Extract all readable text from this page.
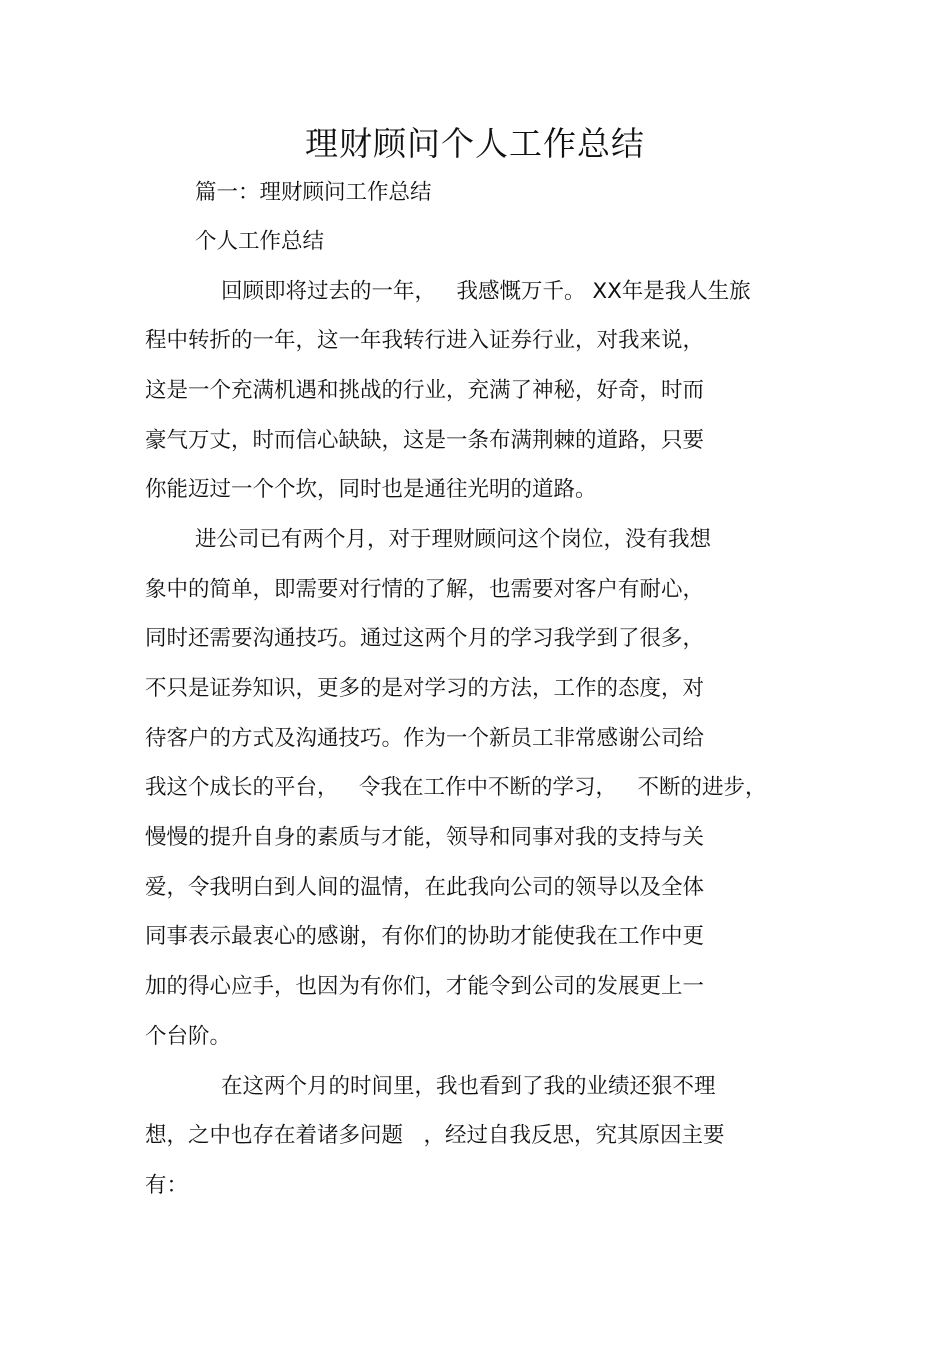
理财顾问个人工作总结
篇一：理财顾问工作总结
个人工作总结
回顾即将过去的一年，   我感慨万千。 XX年是我人生旅
程中转折的一年，这一年我转行进入证券行业，对我来说，
这是一个充满机遇和挑战的行业，充满了神秘，好奇，时而
豪气万丈，时而信心缺缺，这是一条布满荆棘的道路，只要
你能迈过一个个坎，同时也是通往光明的道路。
进公司已有两个月，对于理财顾问这个岗位，没有我想
象中的简单，即需要对行情的了解，也需要对客户有耐心，
同时还需要沟通技巧。通过这两个月的学习我学到了很多，
不只是证券知识，更多的是对学习的方法，工作的态度，对
待客户的方式及沟通技巧。作为一个新员工非常感谢公司给
我这个成长的平台，   令我在工作中不断的学习，   不断的进步，
慢慢的提升自身的素质与才能，领导和同事对我的支持与关
爱，令我明白到人间的温情，在此我向公司的领导以及全体
同事表示最衷心的感谢，有你们的协助才能使我在工作中更
加的得心应手，也因为有你们，才能令到公司的发展更上一
个台阶。
在这两个月的时间里，我也看到了我的业绩还狠不理
想，之中也存在着诸多问题   ，经过自我反思，究其原因主要
有：
